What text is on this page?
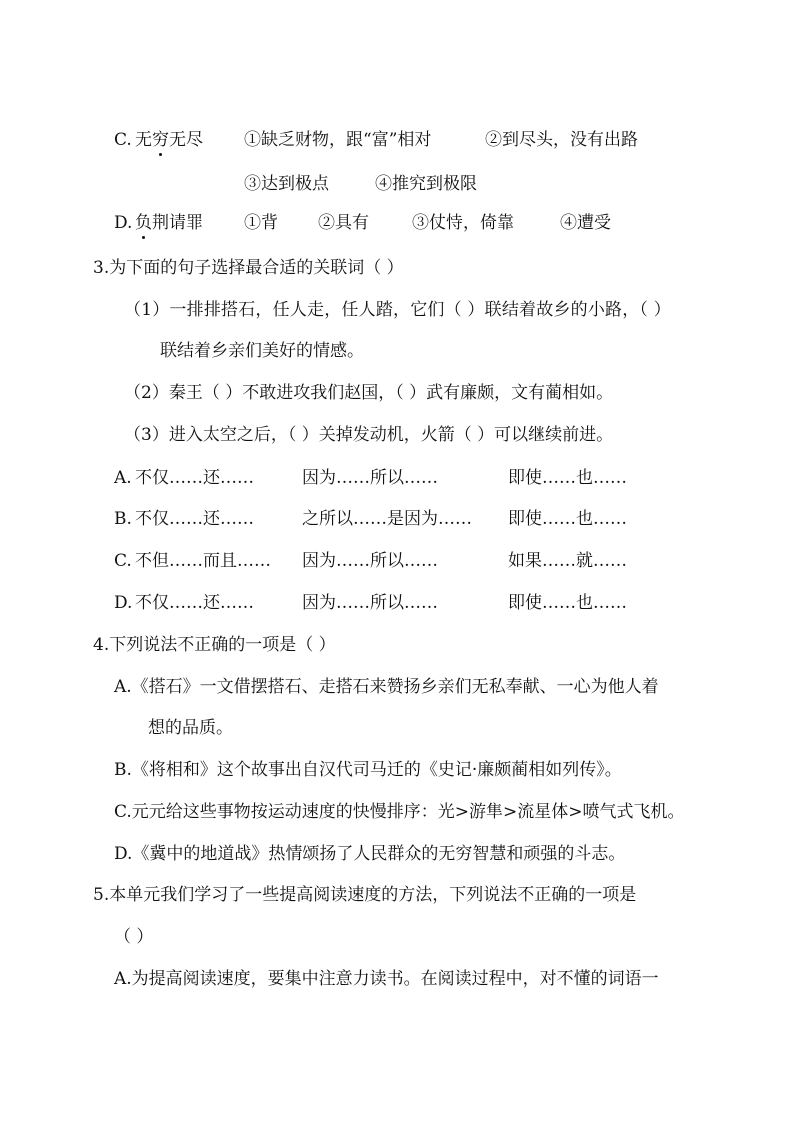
C. 无穷无尽 ①缺乏财物，跟“富”相对	②到尽头，没有出路
③达到极点	④推究到极限
D. 负荆请罪 ①背 ②具有	③仗恃，倚靠	④遭受
3.为下面的句子选择最合适的关联词（ ）
（1）一排排搭石，任人走，任人踏，它们（ ）联结着故乡的小路，（ ）
联结着乡亲们美好的情感。
（2）秦王（ ）不敢进攻我们赵国，（ ）武有廉颇，文有蔺相如。
（3）进入太空之后，（ ）关掉发动机，火箭（ ）可以继续前进。
A. 不仅……还……	因为……所以……	即使……也……
B. 不仅……还……	之所以……是因为…… 即使……也……
C. 不但……而且…… 因为……所以……	如果……就……
D. 不仅……还……	因为……所以……	即使……也……
4.下列说法不正确的一项是（ ）
A.《搭石》一文借摆搭石、走搭石来赞扬乡亲们无私奉献、一心为他人着
想的品质。
B.《将相和》这个故事出自汉代司马迁的《史记·廉颇蔺相如列传》。
C.元元给这些事物按运动速度的快慢排序：光>游隼>流星体>喷气式飞机。
D.《冀中的地道战》热情颂扬了人民群众的无穷智慧和顽强的斗志。
5.本单元我们学习了一些提高阅读速度的方法，下列说法不正确的一项是
（ ）
A.为提高阅读速度，要集中注意力读书。在阅读过程中，对不懂的词语一
